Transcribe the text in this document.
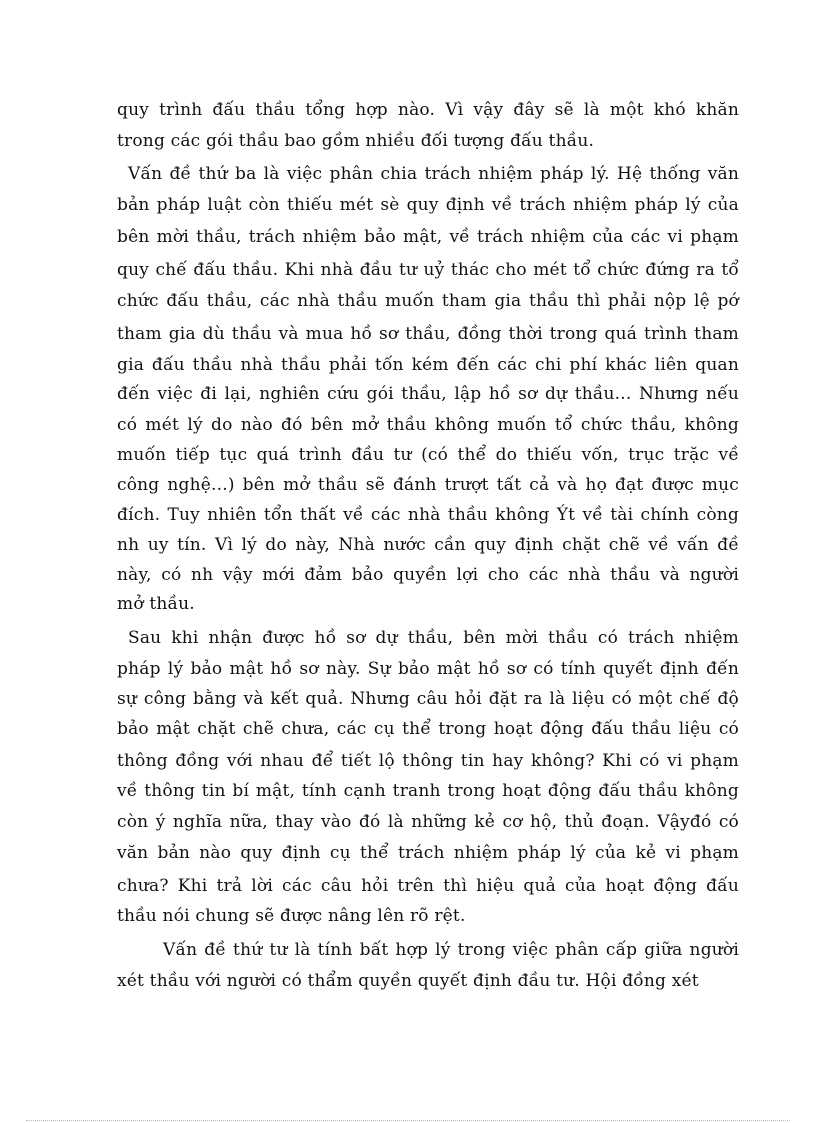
quy trình đấu thầu tổng hợp nào. Vì vậy đây sẽ là một khó khăn
trong các gói thầu bao gồm nhiều đối tượng đấu thầu.
Vấn đề thứ ba là việc phân chia trách nhiệm pháp lý. Hệ thống văn
bản pháp luật còn thiếu mét sè quy định về trách nhiệm pháp lý của
bên mời thầu, trách nhiệm bảo mật, về trách nhiệm của các vi phạm
quy chế đấu thầu. Khi nhà đầu tư uỷ thác cho mét tổ chức đứng ra tổ
chức đấu thầu, các nhà thầu muốn tham gia thầu thì phải nộp lệ pớ
tham gia dù thầu và mua hồ sơ thầu, đồng thời trong quá trình tham
gia đấu thầu nhà thầu phải tốn kém đến các chi phí khác liên quan
đến việc đi lại, nghiên cứu gói thầu, lập hồ sơ dự thầu... Nhưng nếu
có mét lý do nào đó bên mở thầu không muốn tổ chức thầu, không
muốn tiếp tục quá trình đầu tư (có thể do thiếu vốn, trục trặc về
công nghệ...) bên mở thầu sẽ đánh trượt tất cả và họ đạt được mục
đích. Tuy nhiên tổn thất về các nhà thầu không Ýt về tài chính còng
nh uy tín. Vì lý do này, Nhà nước cần quy định chặt chẽ về vấn đề
này, có nh vậy mới đảm bảo quyền lợi cho các nhà thầu và người
mở thầu.
Sau khi nhận được hồ sơ dự thầu, bên mời thầu có trách nhiệm
pháp lý bảo mật hồ sơ này. Sự bảo mật hồ sơ có tính quyết định đến
sự công bằng và kết quả. Nhưng câu hỏi đặt ra là liệu có một chế độ
bảo mật chặt chẽ chưa, các cụ thể trong hoạt động đấu thầu liệu có
thông đồng với nhau để tiết lộ thông tin hay không? Khi có vi phạm
về thông tin bí mật, tính cạnh tranh trong hoạt động đấu thầu không
còn ý nghĩa nữa, thay vào đó là những kẻ cơ hộ, thủ đoạn. Vậyđó có
văn bản nào quy định cụ thể trách nhiệm pháp lý của kẻ vi phạm
chưa? Khi trả lời các câu hỏi trên thì hiệu quả của hoạt động đấu
thầu nói chung sẽ được nâng lên rõ rệt.
Vấn đề thứ tư là tính bất hợp lý trong việc phân cấp giữa người
xét thầu với người có thẩm quyền quyết định đầu tư. Hội đồng xét
